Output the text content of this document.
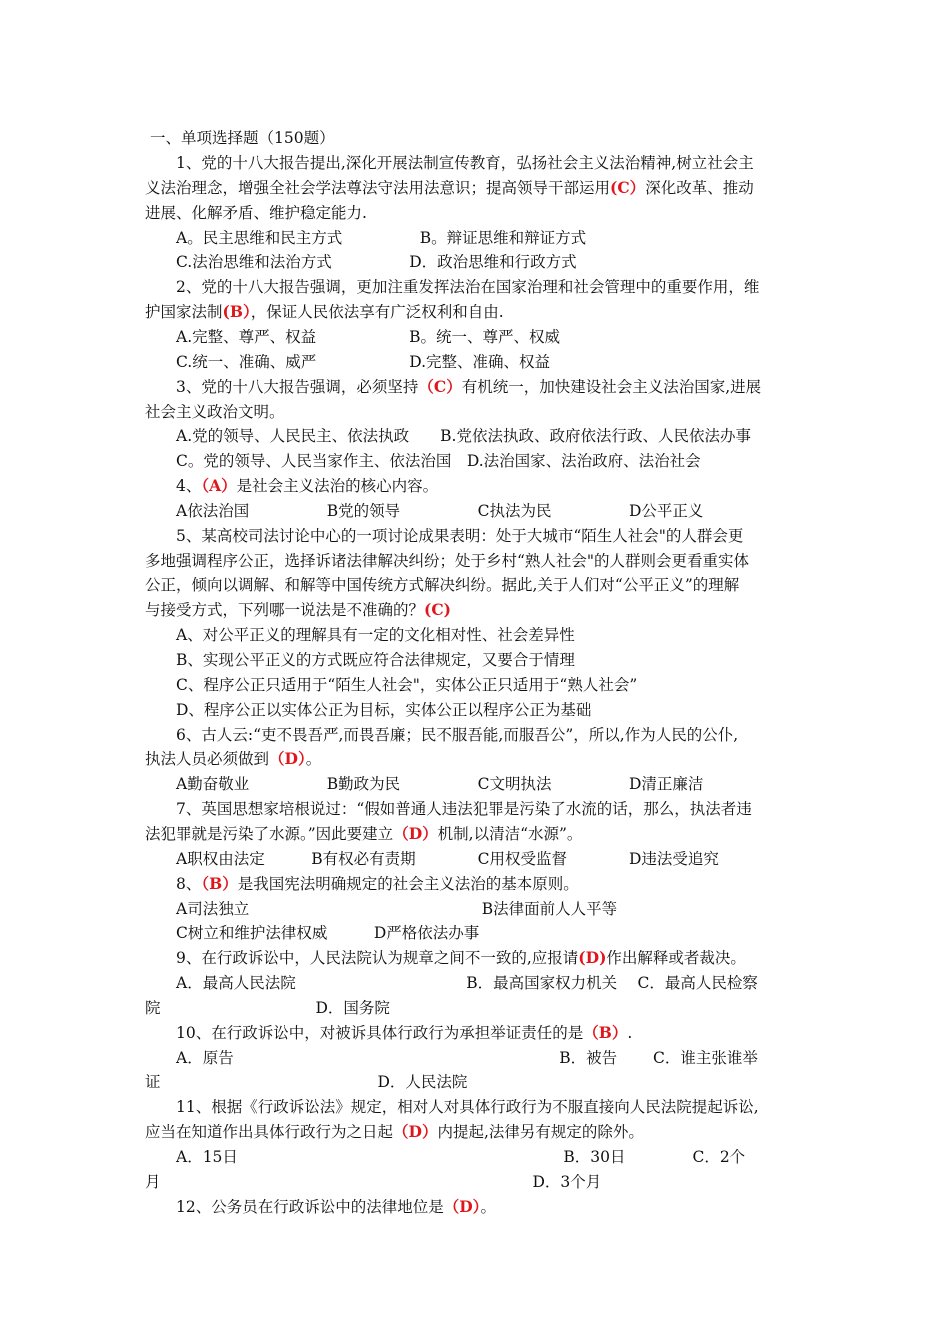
一、单项选择题（150题）
1、党的十八大报告提出,深化开展法制宣传教育，弘扬社会主义法治精神,树立社会主
义法治理念，增强全社会学法尊法守法用法意识；提高领导干部运用(C）深化改革、推动
进展、化解矛盾、维护稳定能力.
A。民主思维和民主方式　　　　　B。辩证思维和辩证方式
C.法治思维和法治方式　　　　　D．政治思维和行政方式
2、党的十八大报告强调，更加注重发挥法治在国家治理和社会管理中的重要作用，维
护国家法制(B），保证人民依法享有广泛权利和自由.
A.完整、尊严、权益　　　　　　B。统一、尊严、权威
C.统一、准确、威严　　　　　　D.完整、准确、权益
3、党的十八大报告强调，必须坚持（C）有机统一，加快建设社会主义法治国家,进展
社会主义政治文明。
A.党的领导、人民民主、依法执政　　B.党依法执政、政府依法行政、人民依法办事
C。党的领导、人民当家作主、依法治国　D.法治国家、法治政府、法治社会
4、（A）是社会主义法治的核心内容。
A依法治国　　　　　B党的领导　　　　　C执法为民　　　　　D公平正义
5、某高校司法讨论中心的一项讨论成果表明：处于大城市“陌生人社会"的人群会更
多地强调程序公正，选择诉诸法律解决纠纷；处于乡村“熟人社会"的人群则会更看重实体
公正，倾向以调解、和解等中国传统方式解决纠纷。据此,关于人们对“公平正义”的理解
与接受方式，下列哪一说法是不准确的？(C)
A、对公平正义的理解具有一定的文化相对性、社会差异性
B、实现公平正义的方式既应符合法律规定，又要合于情理
C、程序公正只适用于“陌生人社会"，实体公正只适用于“熟人社会”
D、程序公正以实体公正为目标，实体公正以程序公正为基础
6、古人云:“吏不畏吾严,而畏吾廉；民不服吾能,而服吾公”，所以,作为人民的公仆,
执法人员必须做到（D）。
A勤奋敬业　　　　　B勤政为民　　　　　C文明执法　　　　　D清正廉洁
7、英国思想家培根说过：“假如普通人违法犯罪是污染了水流的话，那么，执法者违
法犯罪就是污染了水源。”因此要建立（D）机制,以清洁“水源”。
A职权由法定　　　B有权必有责期　　　　C用权受监督　　　　D违法受追究
8、（B）是我国宪法明确规定的社会主义法治的基本原则。
A司法独立　　　　　　　　　　　　　　　B法律面前人人平等
C树立和维护法律权威　　　D严格依法办事
9、在行政诉讼中，人民法院认为规章之间不一致的,应报请(D)作出解释或者裁决。
A．最高人民法院　　　　　　　　　　　B．最高国家权力机关　 C．最高人民检察
院　　　　　　　　　　D．国务院
10、在行政诉讼中，对被诉具体行政行为承担举证责任的是（B）.
A．原告　　　　　　　　　　　　　　　　　　　　　B．被告　　 C．谁主张谁举
证　　　　　　　　　　　　　　D．人民法院
11、根据《行政诉讼法》规定，相对人对具体行政行为不服直接向人民法院提起诉讼,
应当在知道作出具体行政行为之日起（D）内提起,法律另有规定的除外。
A．15日　　　　　　　　　　　　　　　　　　　　　B．30日　　　　 C．2个
月　　　　　　　　　　　　　　　　　　　　　　　　D．3个月
12、公务员在行政诉讼中的法律地位是（D）。
